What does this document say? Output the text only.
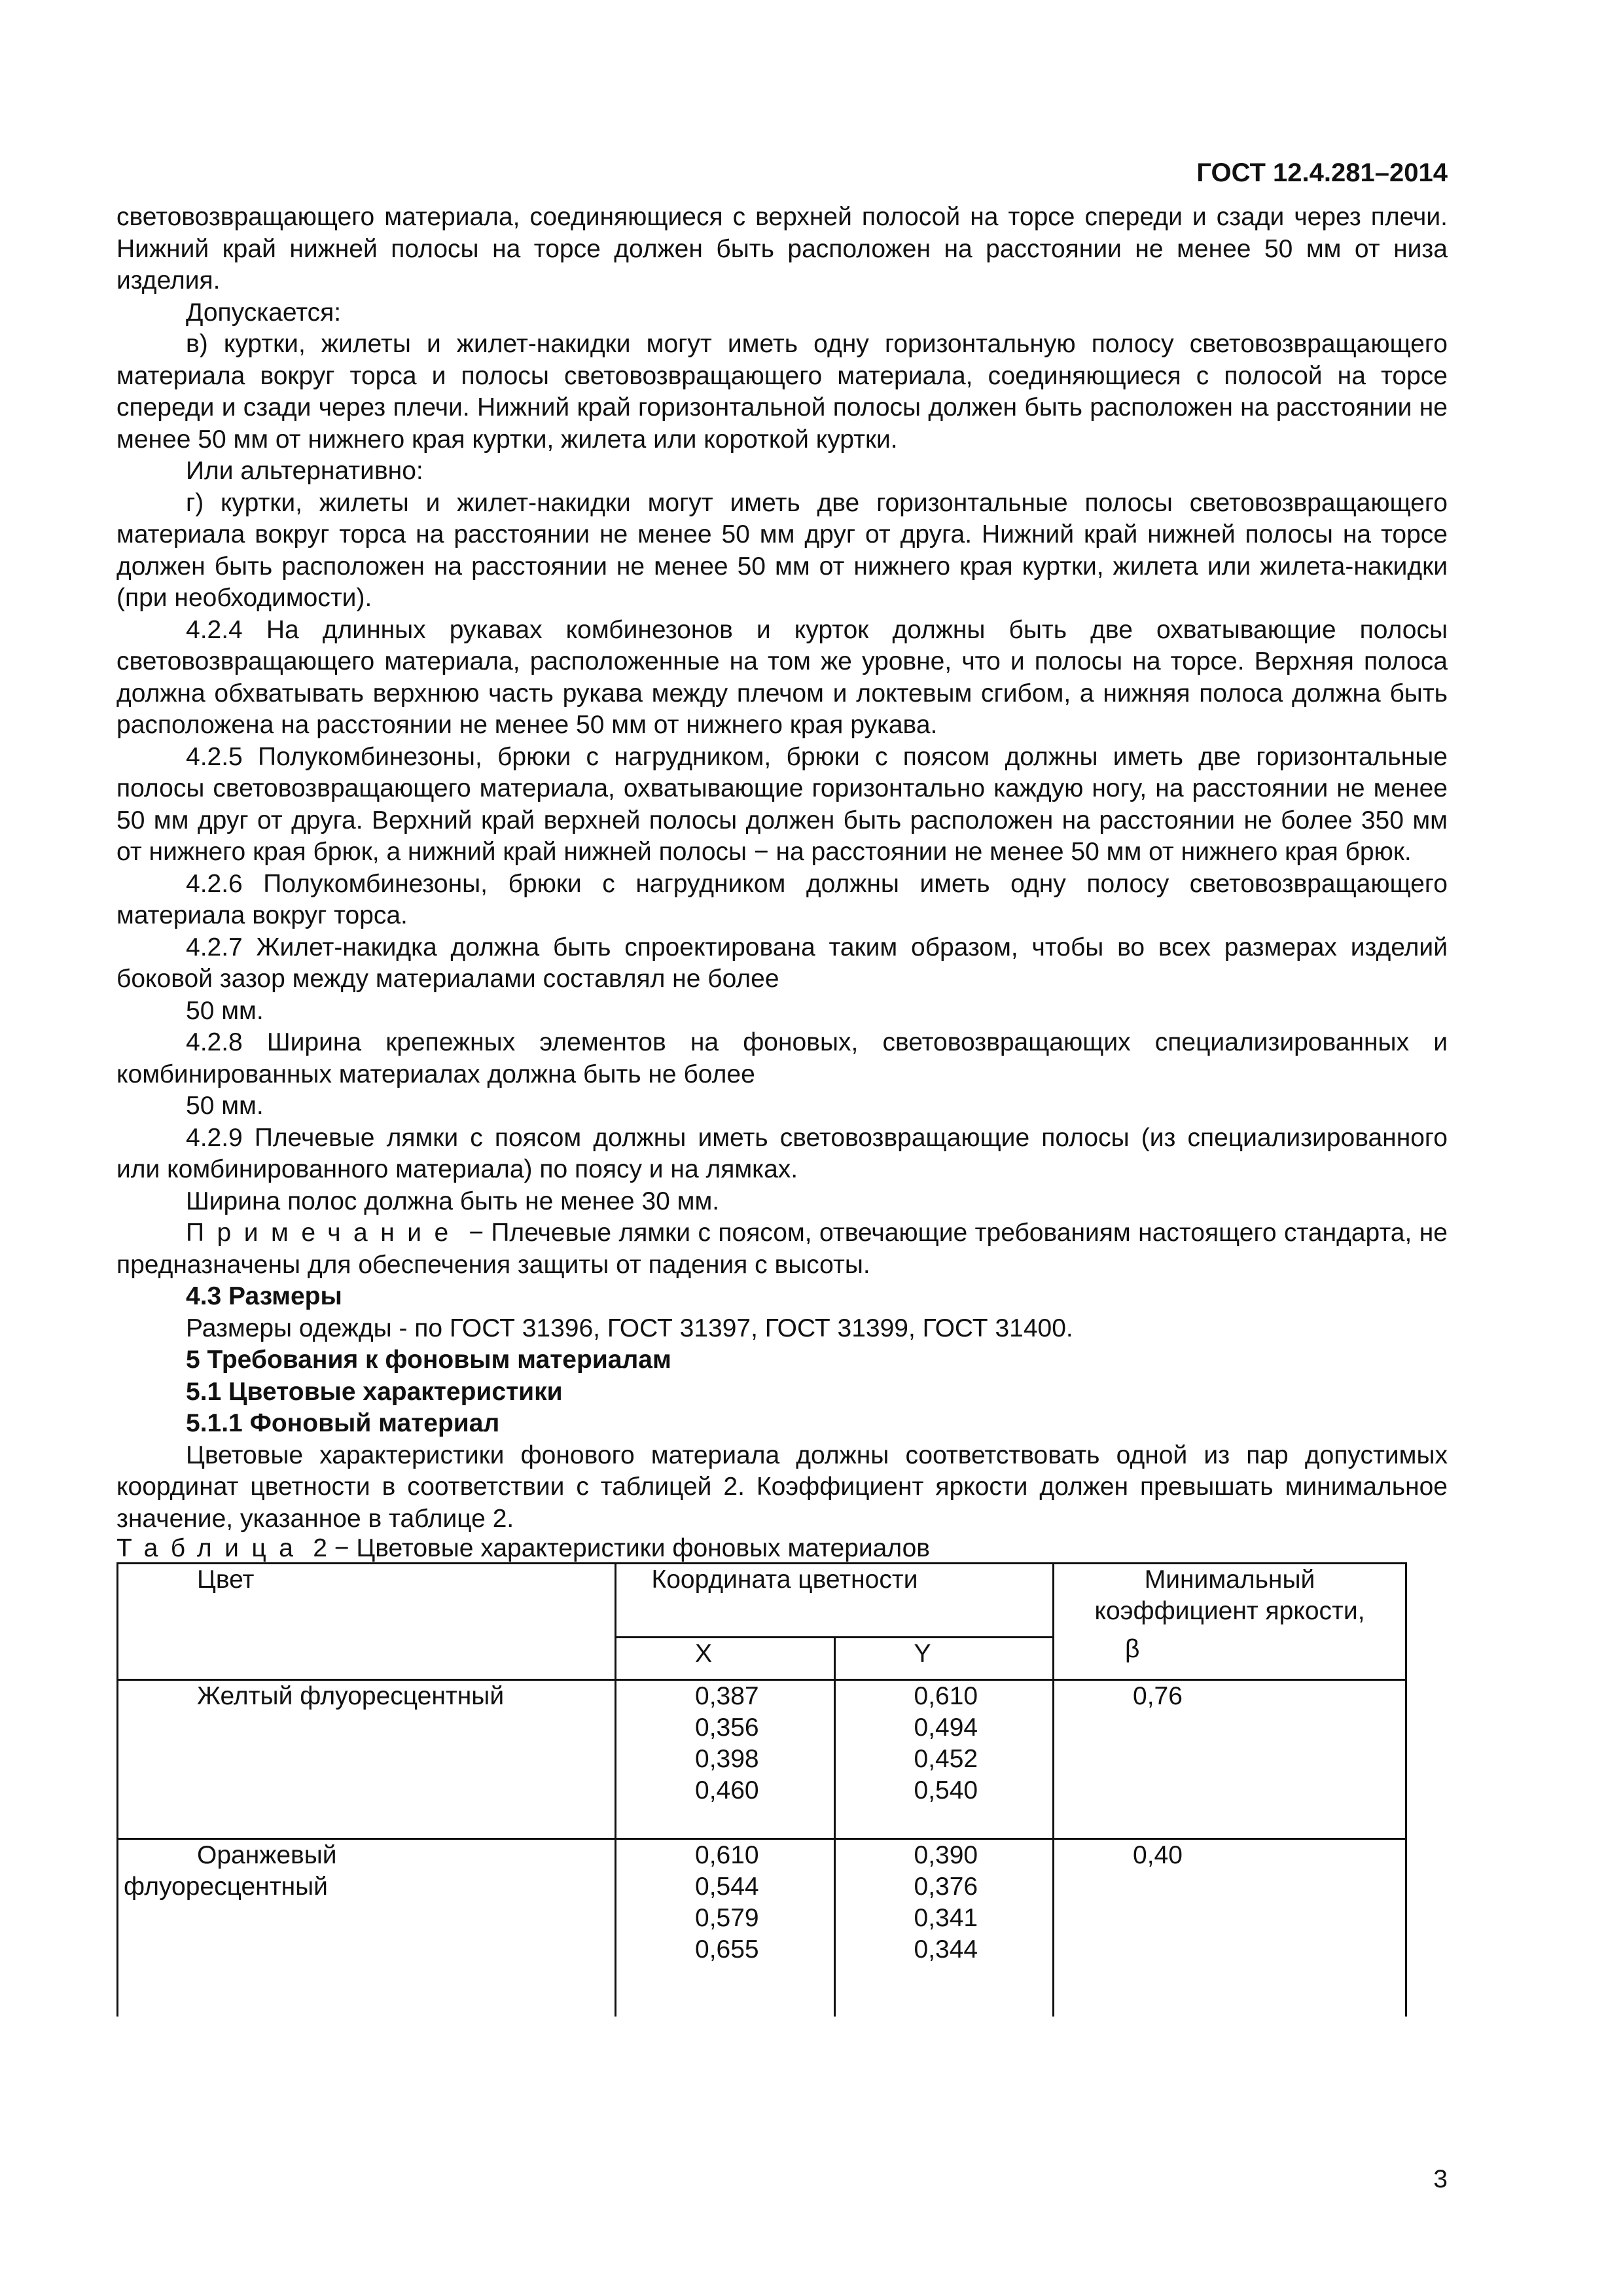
ГОСТ 12.4.281–2014

световозвращающего материала, соединяющиеся с верхней полосой на торсе спереди и сзади через плечи. Нижний край нижней полосы на торсе должен быть расположен на расстоянии не менее 50 мм от низа изделия.

Допускается:

в) куртки, жилеты и жилет-накидки могут иметь одну горизонтальную полосу световозвращающего материала вокруг торса и полосы световозвращающего материала, соединяющиеся с полосой на торсе спереди и сзади через плечи. Нижний край горизонтальной полосы должен быть расположен на расстоянии не менее 50 мм от нижнего края куртки, жилета или короткой куртки.

Или альтернативно:

г) куртки, жилеты и жилет-накидки могут иметь две горизонтальные полосы световозвращающего материала вокруг торса на расстоянии не менее 50 мм друг от друга. Нижний край нижней полосы на торсе должен быть расположен на расстоянии не менее 50 мм от нижнего края куртки, жилета или жилета-накидки (при необходимости).

4.2.4 На длинных рукавах комбинезонов и курток должны быть две охватывающие полосы световозвращающего материала, расположенные на том же уровне, что и полосы на торсе. Верхняя полоса должна обхватывать верхнюю часть рукава между плечом и локтевым сгибом, а нижняя полоса должна быть расположена на расстоянии не менее 50 мм от нижнего края рукава.

4.2.5 Полукомбинезоны, брюки с нагрудником, брюки с поясом должны иметь две горизонтальные полосы световозвращающего материала, охватывающие горизонтально каждую ногу, на расстоянии не менее 50 мм друг от друга. Верхний край верхней полосы должен быть расположен на расстоянии не более 350 мм от нижнего края брюк, а нижний край нижней полосы − на расстоянии не менее 50 мм от нижнего края брюк.

4.2.6 Полукомбинезоны, брюки с нагрудником должны иметь одну полосу световозвращающего материала вокруг торса.

4.2.7 Жилет-накидка должна быть спроектирована таким образом, чтобы во всех размерах изделий боковой зазор между материалами составлял не более

50 мм.

4.2.8 Ширина крепежных элементов на фоновых, световозвращающих специализированных и комбинированных материалах должна быть не более

50 мм.

4.2.9 Плечевые лямки с поясом должны иметь световозвращающие полосы (из специализированного или комбинированного материала) по поясу и на лямках.

Ширина полос должна быть не менее 30 мм.

Примечание − Плечевые лямки с поясом, отвечающие требованиям настоящего стандарта, не предназначены для обеспечения защиты от падения с высоты.

4.3 Размеры

Размеры одежды - по ГОСТ 31396, ГОСТ 31397, ГОСТ 31399, ГОСТ 31400.

5 Требования к фоновым материалам

5.1 Цветовые характеристики

5.1.1 Фоновый материал

Цветовые характеристики фонового материала должны соответствовать одной из пар допустимых координат цветности в соответствии с таблицей 2. Коэффициент яркости должен превышать минимальное значение, указанное в таблице 2.

Таблица 2 − Цветовые характеристики фоновых материалов

Цвет	Координата цветности		Минимальный коэффициент яркости,
β

	X	Y	
Желтый флуоресцентный	0,387
0,356
0,398
0,460	0,610
0,494
0,452
0,540	0,76

Оранжевый
флуоресцентный	0,610
0,544
0,579
0,655	0,390
0,376
0,341
0,344	0,40
3
